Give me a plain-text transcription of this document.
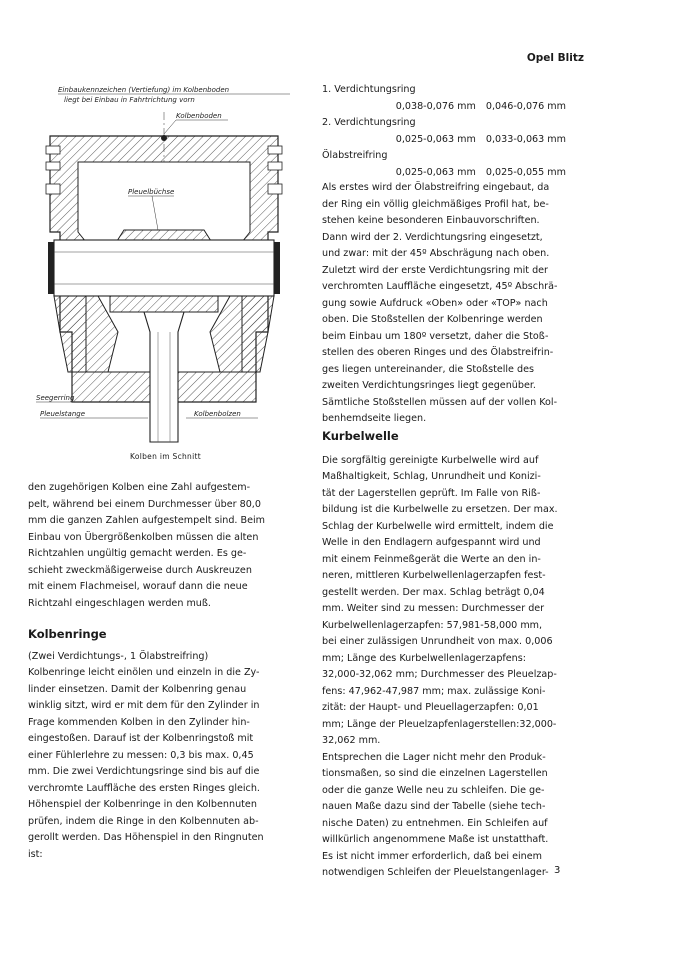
Opel Blitz
Einbaukennzeichen (Vertiefung) im Kolbenboden
liegt bei Einbau in Fahrtrichtung vorn
Kolbenboden
Pleuelbüchse
Seegerring
Pleuelstange	Kolbenbolzen
Kolben im Schnitt
den zugehörigen Kolben eine Zahl aufgestem-
pelt, während bei einem Durchmesser über 80,0
mm die ganzen Zahlen aufgestempelt sind. Beim
Einbau von Übergrößenkolben müssen die alten
Richtzahlen ungültig gemacht werden. Es ge-
schieht zweckmäßigerweise durch Auskreuzen
mit einem Flachmeisel, worauf dann die neue
Richtzahl eingeschlagen werden muß.
Kolbenringe
(Zwei Verdichtungs-, 1 Ölabstreifring)
Kolbenringe leicht einölen und einzeln in die Zy-
linder einsetzen. Damit der Kolbenring genau
winklig sitzt, wird er mit dem für den Zylinder in
Frage kommenden Kolben in den Zylinder hin-
eingestoßen. Darauf ist der Kolbenringstoß mit
einer Fühlerlehre zu messen: 0,3 bis max. 0,45
mm. Die zwei Verdichtungsringe sind bis auf die
verchromte Lauffläche des ersten Ringes gleich.
Höhenspiel der Kolbenringe in den Kolbennuten
prüfen, indem die Ringe in den Kolbennuten ab-
gerollt werden. Das Höhenspiel in den Ringnuten
ist:
1. Verdichtungsring
0,038-0,076 mm 0,046-0,076 mm
2. Verdichtungsring
0,025-0,063 mm 0,033-0,063 mm
Ölabstreifring
0,025-0,063 mm 0,025-0,055 mm
Als erstes wird der Ölabstreifring eingebaut, da
der Ring ein völlig gleichmäßiges Profil hat, be-
stehen keine besonderen Einbauvorschriften.
Dann wird der 2. Verdichtungsring eingesetzt,
und zwar: mit der 45º Abschrägung nach oben.
Zuletzt wird der erste Verdichtungsring mit der
verchromten Lauffläche eingesetzt, 45º Abschrä-
gung sowie Aufdruck «Oben» oder «TOP» nach
oben. Die Stoßstellen der Kolbenringe werden
beim Einbau um 180º versetzt, daher die Stoß-
stellen des oberen Ringes und des Ölabstreifrin-
ges liegen untereinander, die Stoßstelle des
zweiten Verdichtungsringes liegt gegenüber.
Sämtliche Stoßstellen müssen auf der vollen Kol-
benhemdseite liegen.
Kurbelwelle
Die sorgfältig gereinigte Kurbelwelle wird auf
Maßhaltigkeit, Schlag, Unrundheit und Konizi-
tät der Lagerstellen geprüft. Im Falle von Riß-
bildung ist die Kurbelwelle zu ersetzen. Der max.
Schlag der Kurbelwelle wird ermittelt, indem die
Welle in den Endlagern aufgespannt wird und
mit einem Feinmeßgerät die Werte an den in-
neren, mittleren Kurbelwellenlagerzapfen fest-
gestellt werden. Der max. Schlag beträgt 0,04
mm. Weiter sind zu messen: Durchmesser der
Kurbelwellenlagerzapfen: 57,981-58,000 mm,
bei einer zulässigen Unrundheit von max. 0,006
mm; Länge des Kurbelwellenlagerzapfens:
32,000-32,062 mm; Durchmesser des Pleuelzap-
fens: 47,962-47,987 mm; max. zulässige Koni-
zität: der Haupt- und Pleuellagerzapfen: 0,01
mm; Länge der Pleuelzapfenlagerstellen:32,000-
32,062 mm.
Entsprechen die Lager nicht mehr den Produk-
tionsmaßen, so sind die einzelnen Lagerstellen
oder die ganze Welle neu zu schleifen. Die ge-
nauen Maße dazu sind der Tabelle (siehe tech-
nische Daten) zu entnehmen. Ein Schleifen auf
willkürlich angenommene Maße ist unstatthaft.
Es ist nicht immer erforderlich, daß bei einem
notwendigen Schleifen der Pleuelstangenlager- 3
